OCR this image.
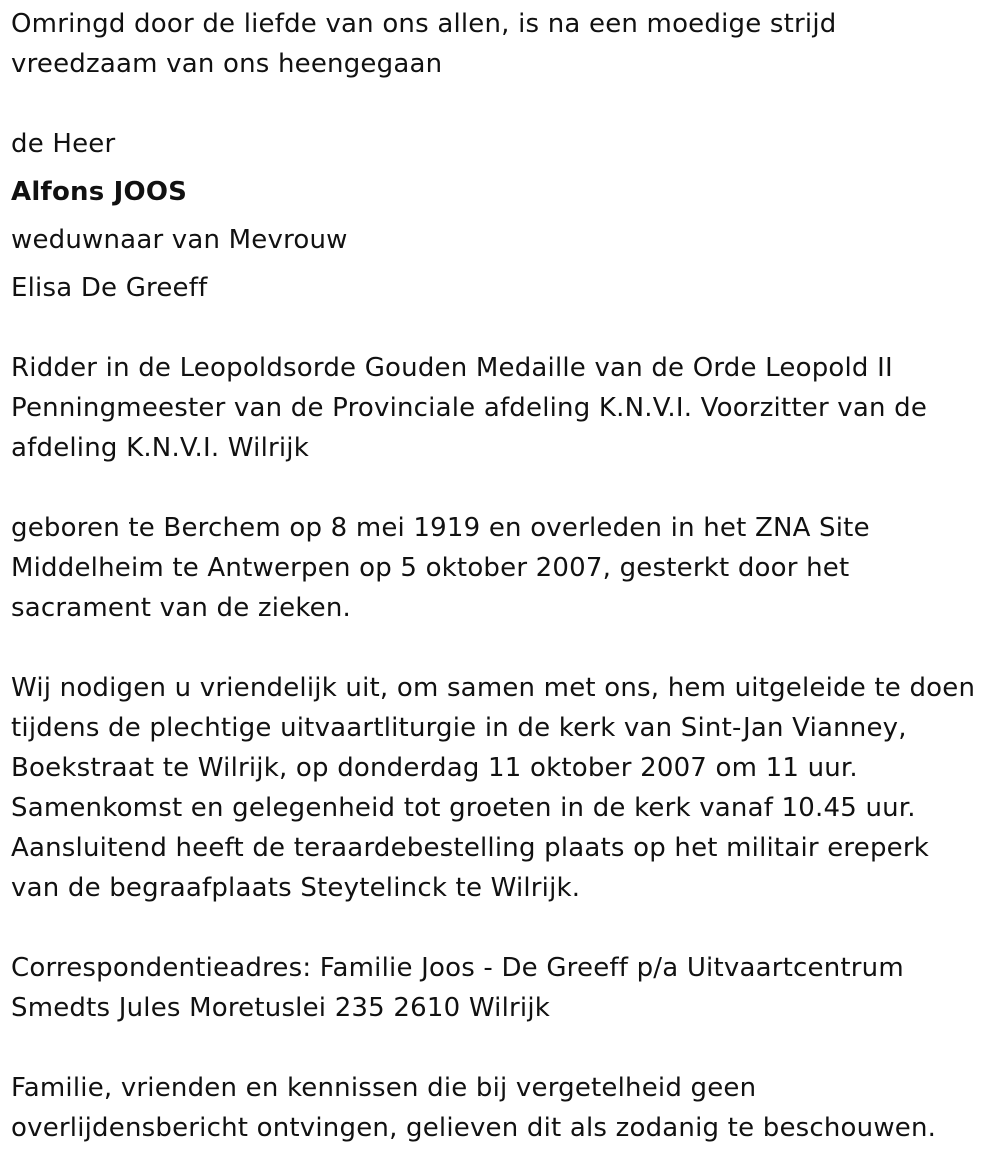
Omringd door de liefde van ons allen, is na een moedige strijd
vreedzaam van ons heengegaan
de Heer
Alfons JOOS
weduwnaar van Mevrouw
Elisa De Greeff
Ridder in de Leopoldsorde Gouden Medaille van de Orde Leopold II
Penningmeester van de Provinciale afdeling K.N.V.I. Voorzitter van de
afdeling K.N.V.I. Wilrijk
geboren te Berchem op 8 mei 1919 en overleden in het ZNA Site
Middelheim te Antwerpen op 5 oktober 2007, gesterkt door het
sacrament van de zieken.
Wij nodigen u vriendelijk uit, om samen met ons, hem uitgeleide te doen
tijdens de plechtige uitvaartliturgie in de kerk van Sint-Jan Vianney,
Boekstraat te Wilrijk, op donderdag 11 oktober 2007 om 11 uur.
Samenkomst en gelegenheid tot groeten in de kerk vanaf 10.45 uur.
Aansluitend heeft de teraardebestelling plaats op het militair ereperk
van de begraafplaats Steytelinck te Wilrijk.
Correspondentieadres: Familie Joos - De Greeff p/a Uitvaartcentrum
Smedts Jules Moretuslei 235 2610 Wilrijk
Familie, vrienden en kennissen die bij vergetelheid geen
overlijdensbericht ontvingen, gelieven dit als zodanig te beschouwen.
